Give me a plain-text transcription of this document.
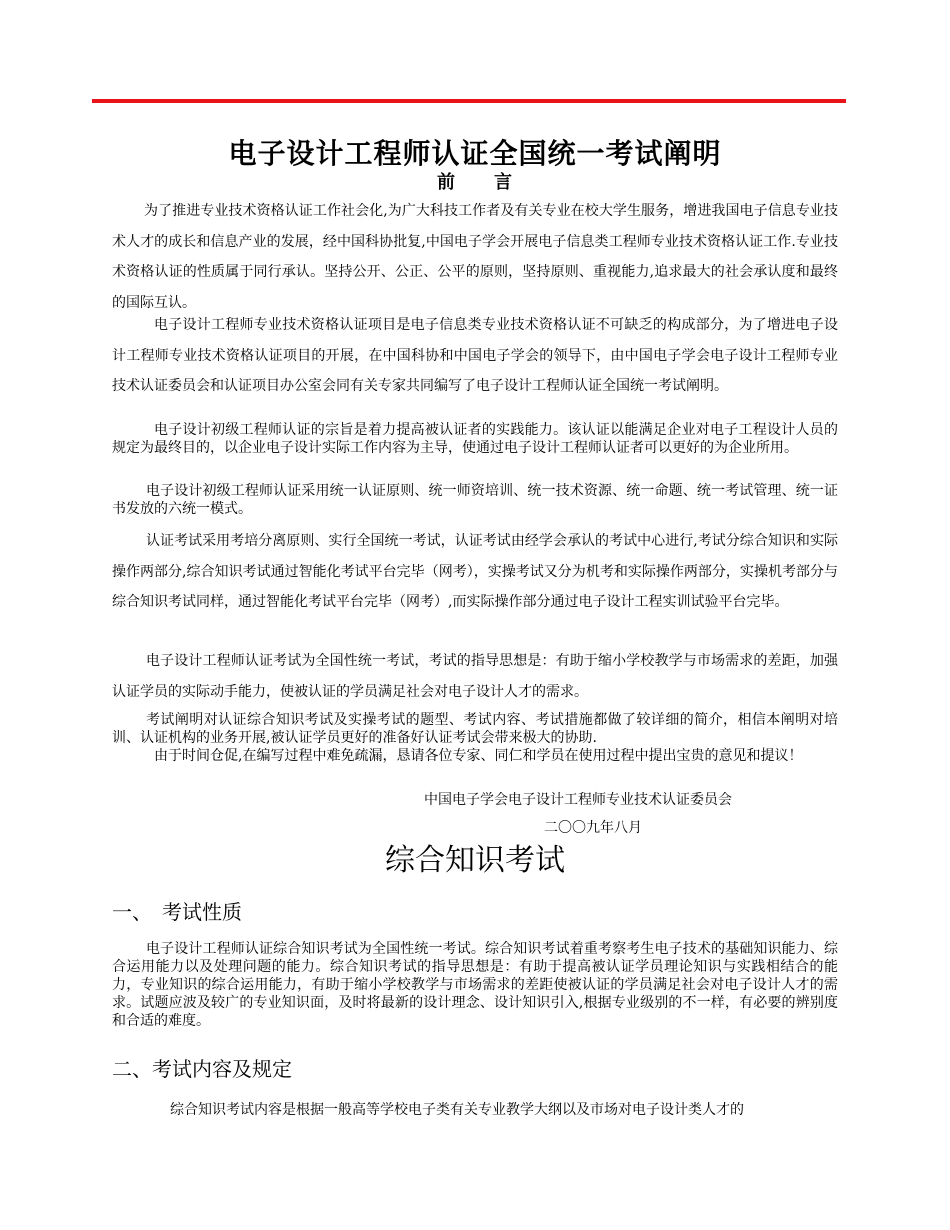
电子设计工程师认证全国统一考试阐明
前　　言
为了推进专业技术资格认证工作社会化,为广大科技工作者及有关专业在校大学生服务，增进我国电子信息专业技术人才的成长和信息产业的发展，经中国科协批复,中国电子学会开展电子信息类工程师专业技术资格认证工作.专业技术资格认证的性质属于同行承认。坚持公开、公正、公平的原则，坚持原则、重视能力,追求最大的社会承认度和最终的国际互认。
电子设计工程师专业技术资格认证项目是电子信息类专业技术资格认证不可缺乏的构成部分，为了增进电子设计工程师专业技术资格认证项目的开展，在中国科协和中国电子学会的领导下，由中国电子学会电子设计工程师专业技术认证委员会和认证项目办公室会同有关专家共同编写了电子设计工程师认证全国统一考试阐明。
电子设计初级工程师认证的宗旨是着力提高被认证者的实践能力。该认证以能满足企业对电子工程设计人员的规定为最终目的，以企业电子设计实际工作内容为主导，使通过电子设计工程师认证者可以更好的为企业所用。
电子设计初级工程师认证采用统一认证原则、统一师资培训、统一技术资源、统一命题、统一考试管理、统一证书发放的六统一模式。
认证考试采用考培分离原则、实行全国统一考试，认证考试由经学会承认的考试中心进行,考试分综合知识和实际操作两部分,综合知识考试通过智能化考试平台完毕（网考），实操考试又分为机考和实际操作两部分，实操机考部分与综合知识考试同样，通过智能化考试平台完毕（网考）,而实际操作部分通过电子设计工程实训试验平台完毕。
电子设计工程师认证考试为全国性统一考试，考试的指导思想是：有助于缩小学校教学与市场需求的差距，加强认证学员的实际动手能力，使被认证的学员满足社会对电子设计人才的需求。
考试阐明对认证综合知识考试及实操考试的题型、考试内容、考试措施都做了较详细的简介，相信本阐明对培训、认证机构的业务开展,被认证学员更好的准备好认证考试会带来极大的协助.
由于时间仓促,在编写过程中难免疏漏，恳请各位专家、同仁和学员在使用过程中提出宝贵的意见和提议！
中国电子学会电子设计工程师专业技术认证委员会
二〇〇九年八月
综合知识考试
一、　考试性质
电子设计工程师认证综合知识考试为全国性统一考试。综合知识考试着重考察考生电子技术的基础知识能力、综合运用能力以及处理问题的能力。综合知识考试的指导思想是：有助于提高被认证学员理论知识与实践相结合的能力，专业知识的综合运用能力，有助于缩小学校教学与市场需求的差距使被认证的学员满足社会对电子设计人才的需求。试题应波及较广的专业知识面，及时将最新的设计理念、设计知识引入,根据专业级别的不一样，有必要的辨别度和合适的难度。
二、考试内容及规定
综合知识考试内容是根据一般高等学校电子类有关专业教学大纲以及市场对电子设计类人才的
